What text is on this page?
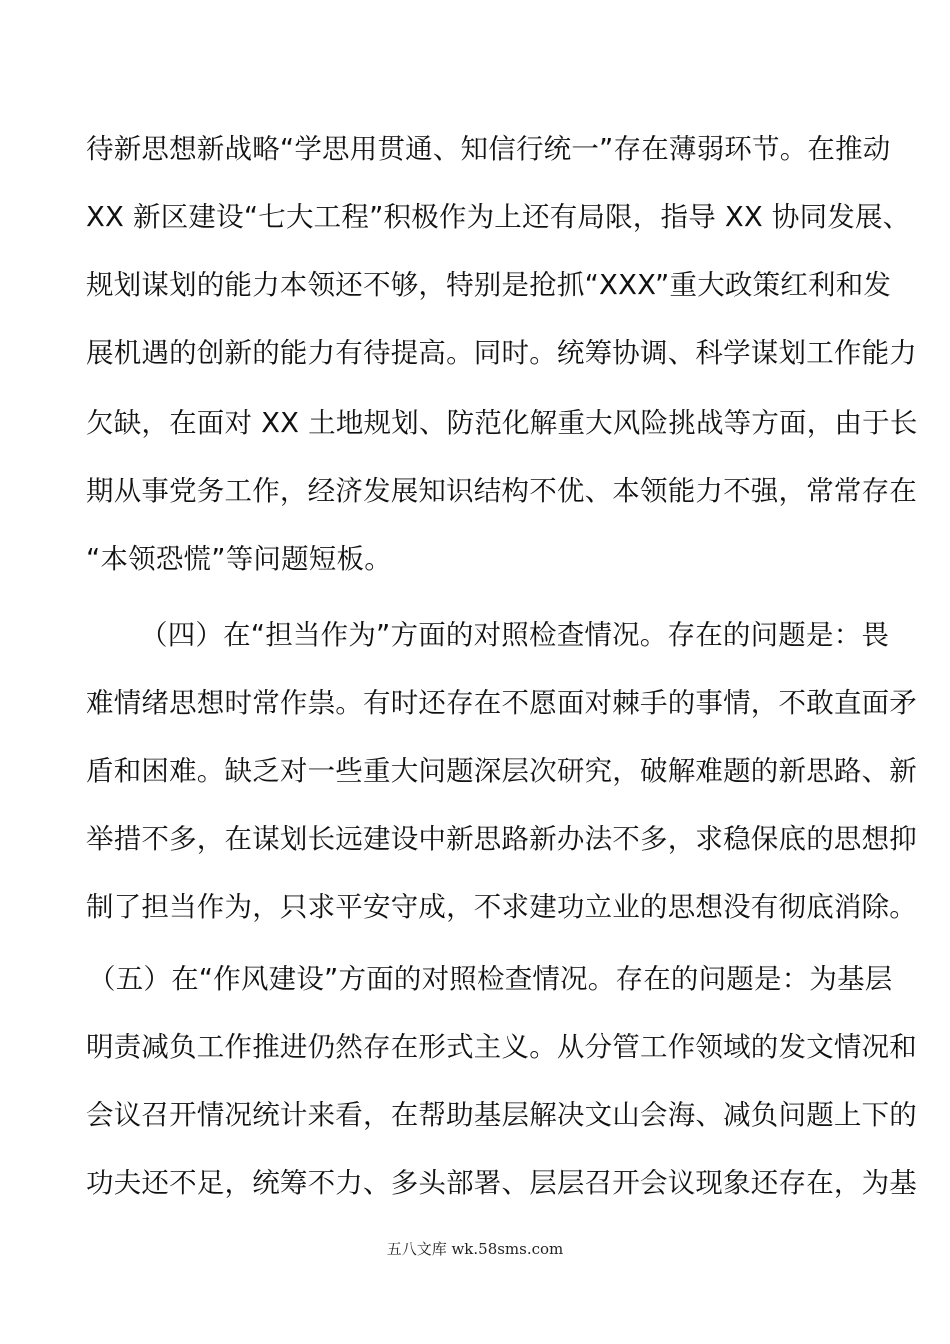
待新思想新战略“学思用贯通、知信行统一”存在薄弱环节。在推动
XX 新区建设“七大工程”积极作为上还有局限，指导 XX 协同发展、
规划谋划的能力本领还不够，特别是抢抓“XXX”重大政策红利和发
展机遇的创新的能力有待提高。同时。统筹协调、科学谋划工作能力
欠缺，在面对 XX 土地规划、防范化解重大风险挑战等方面，由于长
期从事党务工作，经济发展知识结构不优、本领能力不强，常常存在
“本领恐慌”等问题短板。
（四）在“担当作为”方面的对照检查情况。存在的问题是：畏
难情绪思想时常作祟。有时还存在不愿面对棘手的事情，不敢直面矛
盾和困难。缺乏对一些重大问题深层次研究，破解难题的新思路、新
举措不多，在谋划长远建设中新思路新办法不多，求稳保底的思想抑
制了担当作为，只求平安守成，不求建功立业的思想没有彻底消除。
（五）在“作风建设”方面的对照检查情况。存在的问题是：为基层
明责减负工作推进仍然存在形式主义。从分管工作领域的发文情况和
会议召开情况统计来看，在帮助基层解决文山会海、减负问题上下的
功夫还不足，统筹不力、多头部署、层层召开会议现象还存在，为基
五八文库 wk.58sms.com
